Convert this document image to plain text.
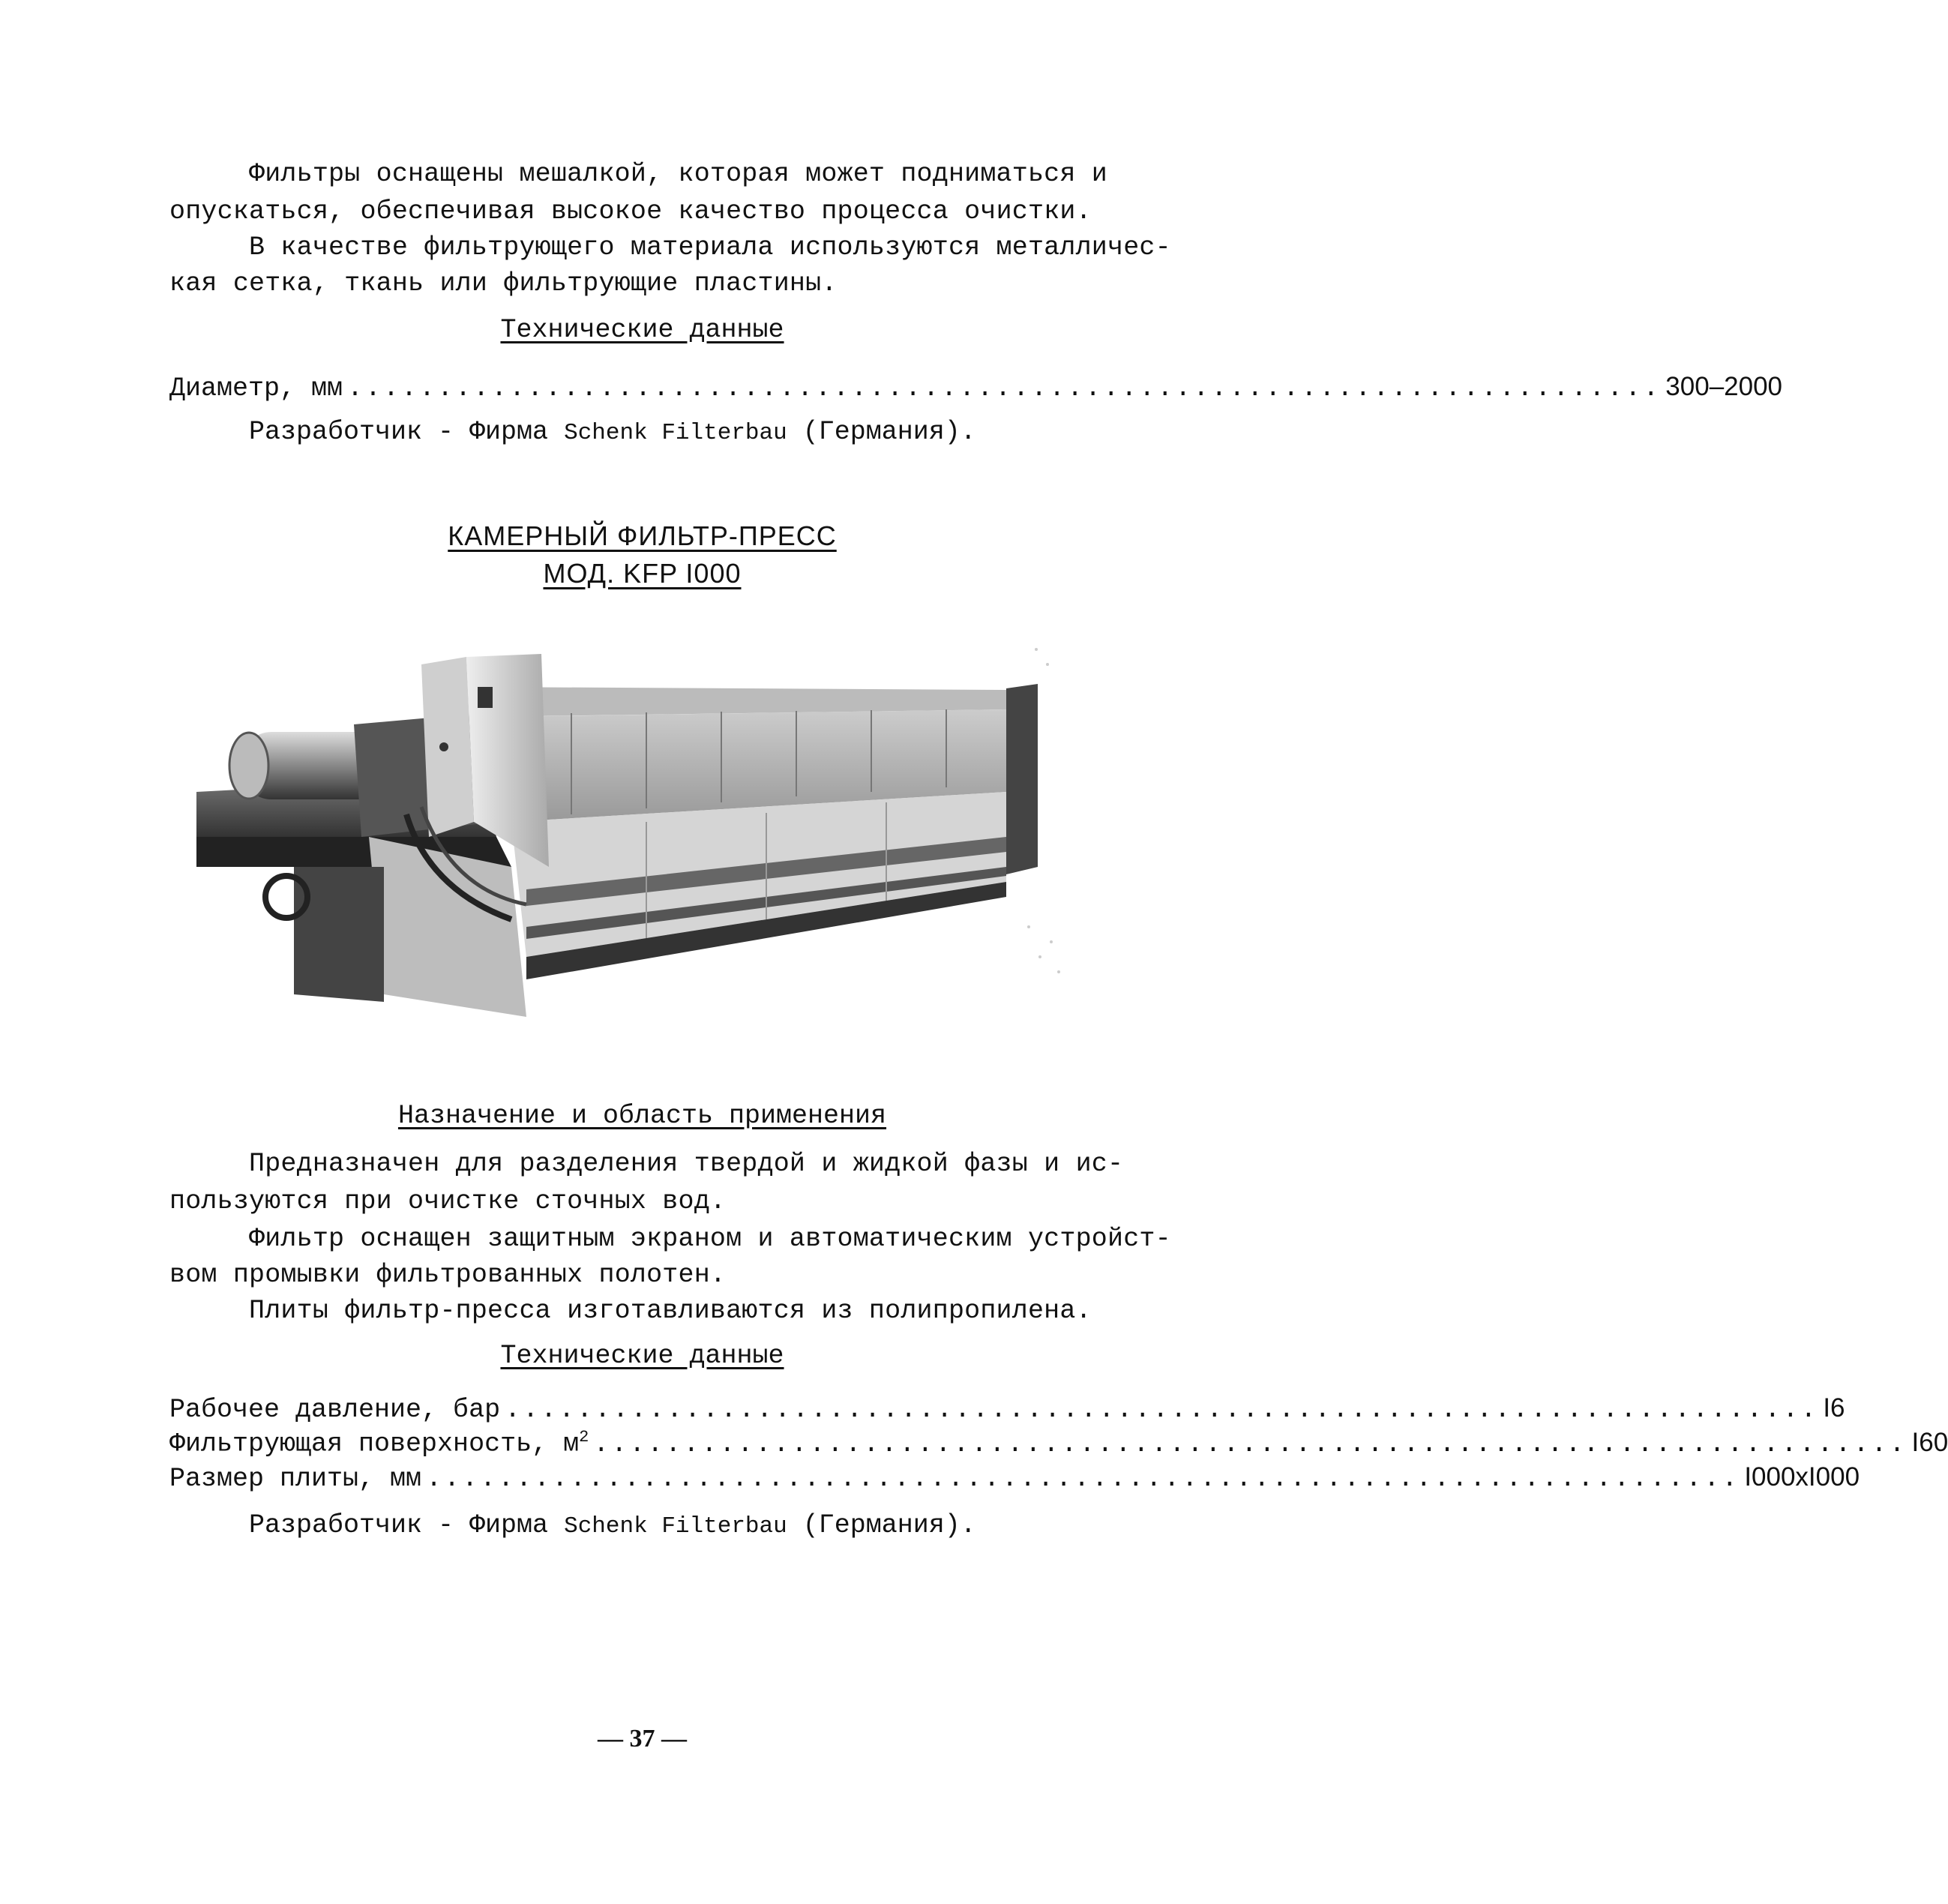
Фильтры оснащены мешалкой, которая может подниматься и

опускаться, обеспечивая высокое качество процесса очистки.

В качестве фильтрующего материала используются металличес-

кая сетка, ткань или фильтрующие пластины.

Технические данные

Диаметр, мм ......................................................................... 300–2000

Разработчик - Фирма Schenk Filterbau (Германия).

КАМЕРНЫЙ ФИЛЬТР-ПРЕСС

МОД. KFP I000

Назначение и область применения

Предназначен для разделения твердой и жидкой фазы и ис-

пользуются при очистке сточных вод.

Фильтр оснащен защитным экраном и автоматическим устройст-

вом промывки фильтрованных полотен.

Плиты фильтр-пресса изготавливаются из полипропилена.

Технические данные

Рабочее давление, бар ......................................................................... I6
Фильтрующая поверхность, $м^2$ ......................................................................... I60
Размер плиты, мм ......................................................................... I000xI000

Разработчик - Фирма Schenk Filterbau (Германия).

— 37 —
